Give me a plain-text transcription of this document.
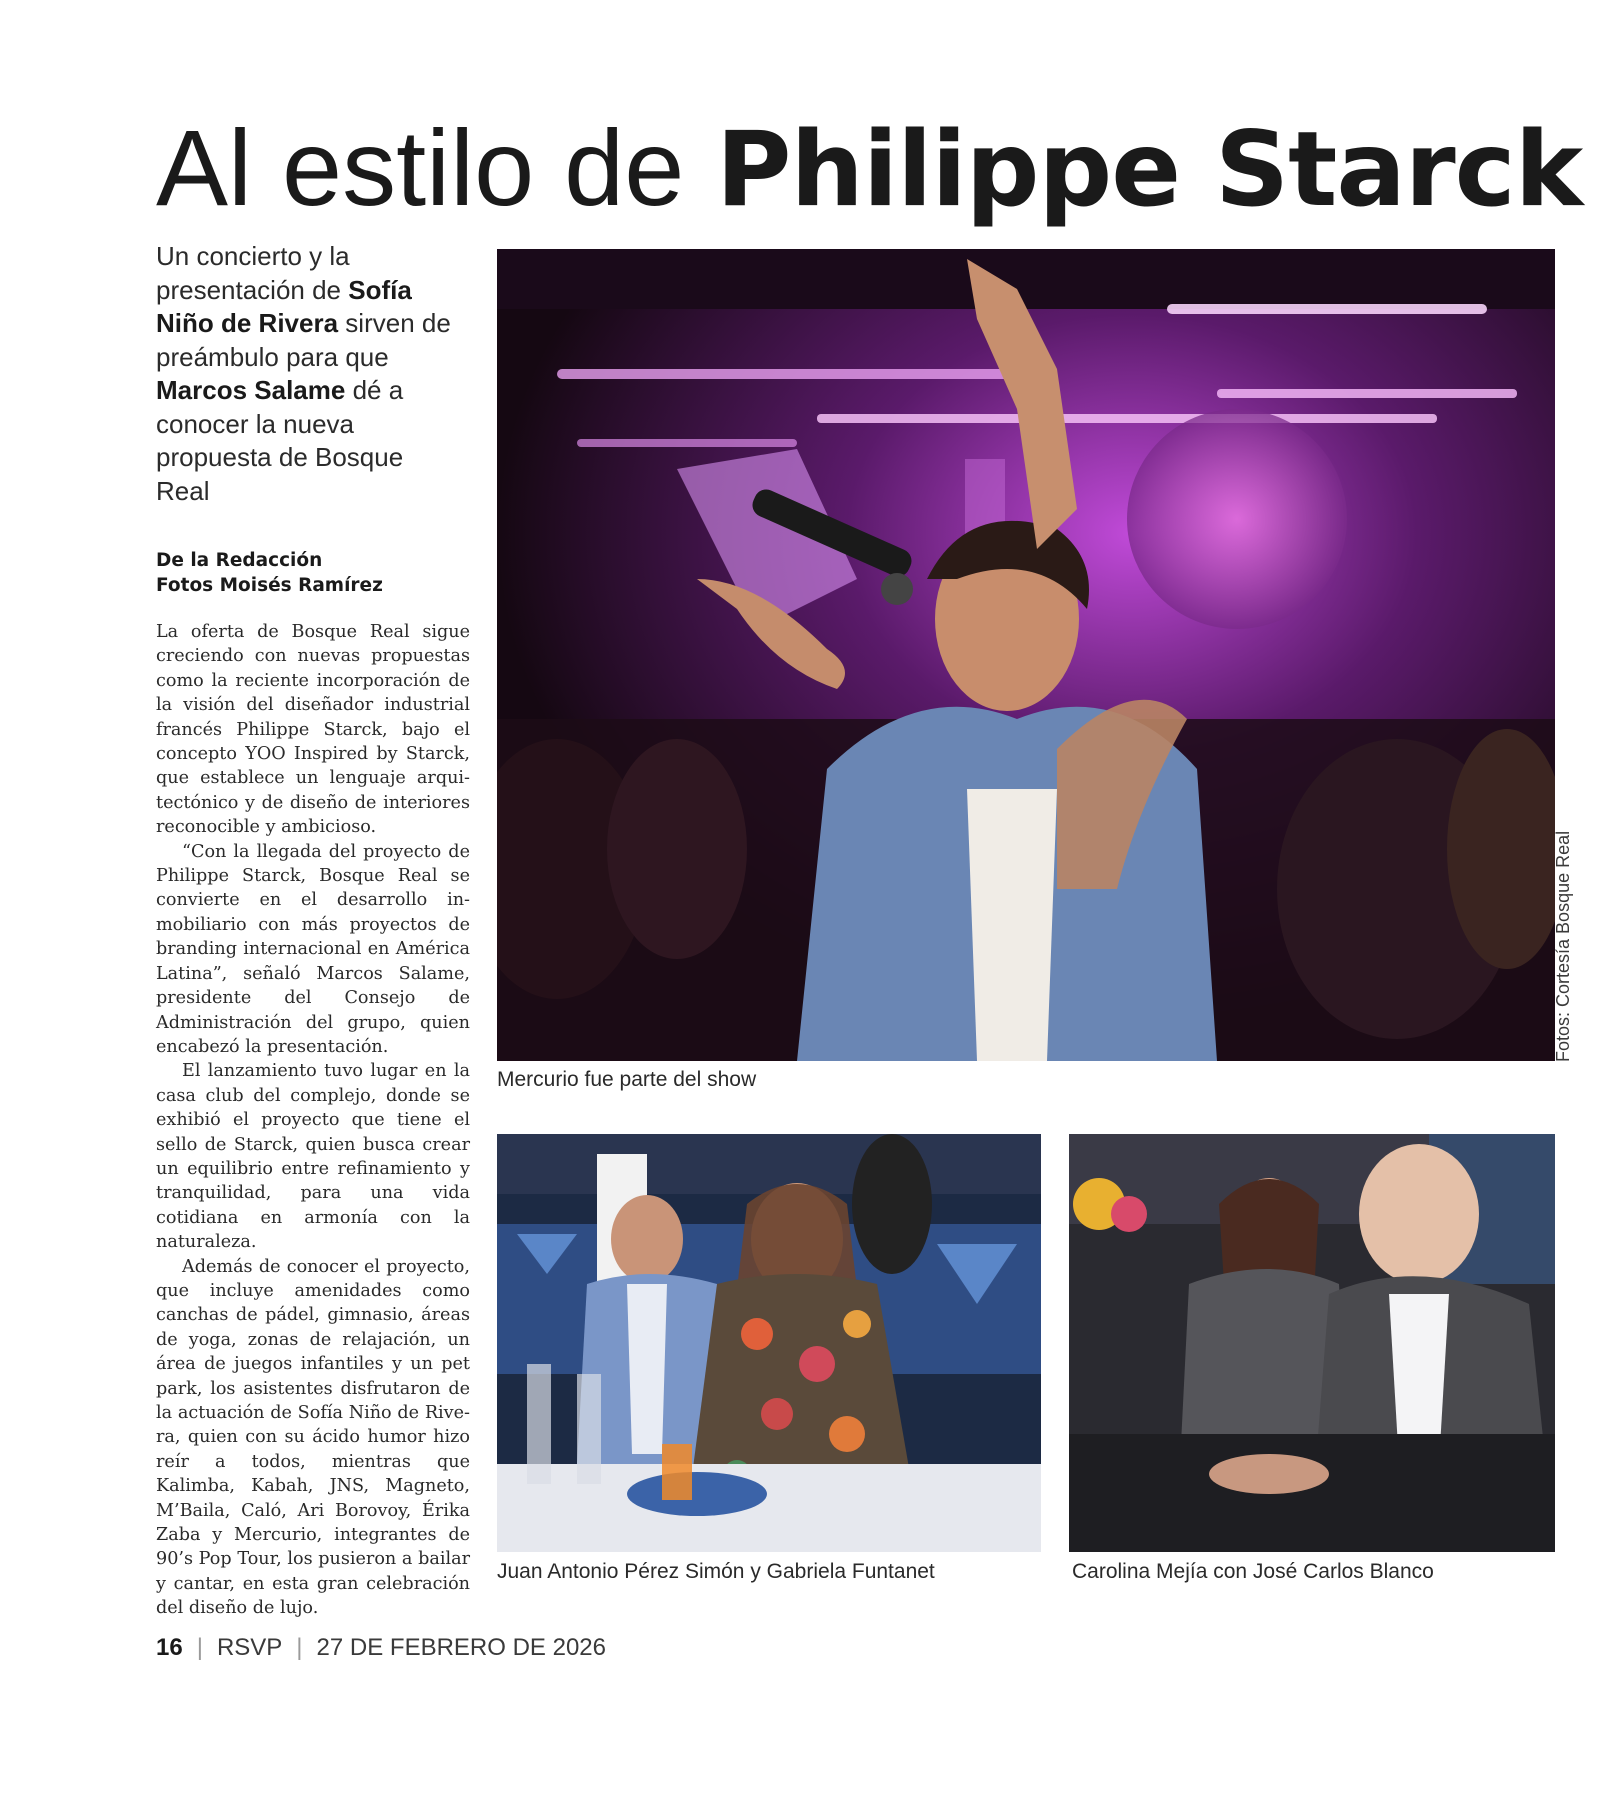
Al estilo de Philippe Starck
Un concierto y la presentación de Sofía Niño de Rivera sirven de preámbulo para que Marcos Salame dé a conocer la nueva propuesta de Bosque Real
De la Redacción
Fotos Moisés Ramírez

La oferta de Bosque Real sigue creciendo con nuevas propuestas como la reciente incorporación de la visión del diseñador industrial francés Philippe Starck, bajo el concepto YOO Inspired by Starck, que establece un lenguaje arquitectónico y de diseño de interiores reconocible y ambicioso.

“Con la llegada del proyecto de Philippe Starck, Bosque Real se convierte en el desarrollo inmobiliario con más proyectos de branding internacional en América Latina”, señaló Marcos Salame, presidente del Consejo de Administración del grupo, quien encabezó la presentación.

El lanzamiento tuvo lugar en la casa club del complejo, donde se exhibió el proyecto que tiene el sello de Starck, quien busca crear un equilibrio entre refinamiento y tranquilidad, para una vida cotidiana en armonía con la naturaleza.

Además de conocer el proyecto, que incluye amenidades como canchas de pádel, gimnasio, áreas de yoga, zonas de relajación, un área de juegos infantiles y un pet park, los asistentes disfrutaron de la actuación de Sofía Niño de Rivera, quien con su ácido humor hizo reír a todos, mientras que Kalimba, Kabah, JNS, Magneto, M’Baila, Caló, Ari Borovoy, Érika Zaba y Mercurio, integrantes de 90’s Pop Tour, los pusieron a bailar y cantar, en esta gran celebración del diseño de lujo.

Mercurio fue parte del show
Fotos: Cortesía Bosque Real
Juan Antonio Pérez Simón y Gabriela Funtanet	Carolina Mejía con José Carlos Blanco
16 | RSVP | 27 DE FEBRERO DE 2026
